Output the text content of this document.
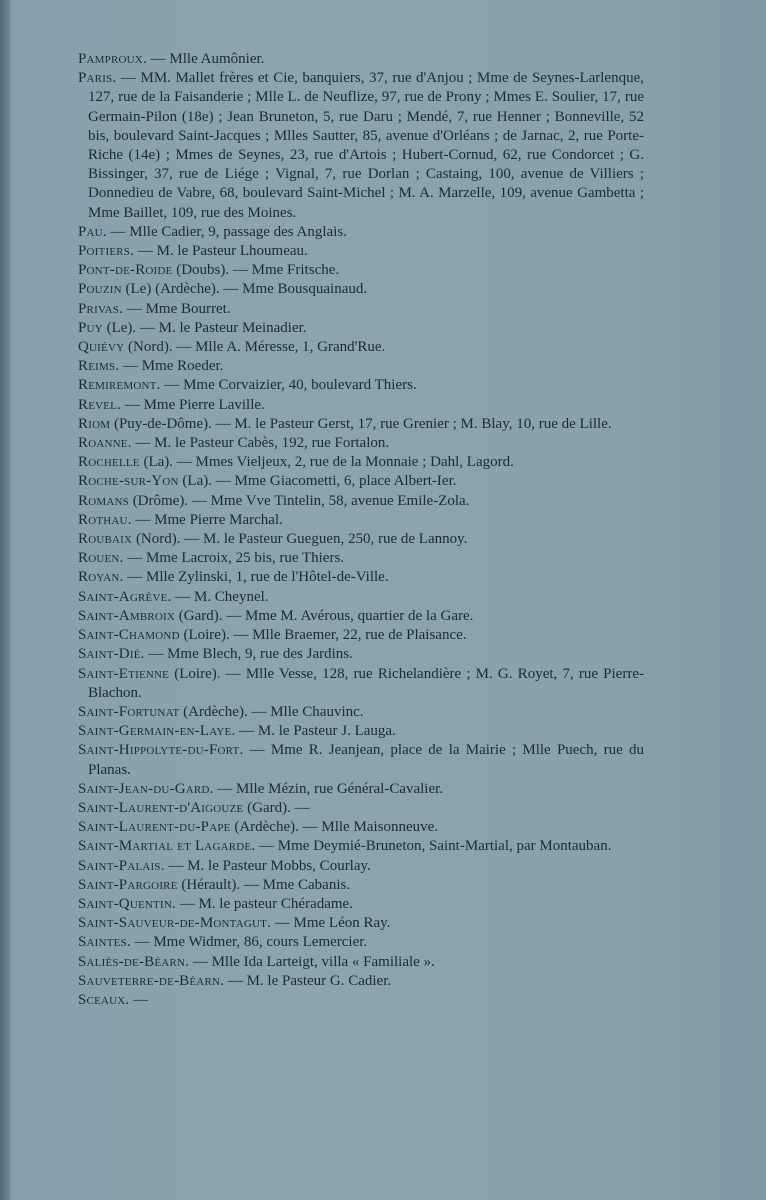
Pamproux. — Mlle Aumônier.

Paris. — MM. Mallet frères et Cie, banquiers, 37, rue d'Anjou ; Mme de Seynes-Larlenque, 127, rue de la Faisanderie ; Mlle L. de Neuflize, 97, rue de Prony ; Mmes E. Soulier, 17, rue Germain-Pilon (18e) ; Jean Bruneton, 5, rue Daru ; Mendé, 7, rue Henner ; Bonneville, 52 bis, boulevard Saint-Jacques ; Mlles Sautter, 85, avenue d'Orléans ; de Jarnac, 2, rue Porte-Riche (14e) ; Mmes de Seynes, 23, rue d'Artois ; Hubert-Cornud, 62, rue Condorcet ; G. Bissinger, 37, rue de Liége ; Vignal, 7, rue Dorlan ; Castaing, 100, avenue de Villiers ; Donnedieu de Vabre, 68, boulevard Saint-Michel ; M. A. Marzelle, 109, avenue Gambetta ; Mme Baillet, 109, rue des Moines.

Pau. — Mlle Cadier, 9, passage des Anglais.

Poitiers. — M. le Pasteur Lhoumeau.

Pont-de-Roide (Doubs). — Mme Fritsche.

Pouzin (Le) (Ardèche). — Mme Bousquainaud.

Privas. — Mme Bourret.

Puy (Le). — M. le Pasteur Meinadier.

Quiévy (Nord). — Mlle A. Méresse, 1, Grand'Rue.

Reims. — Mme Roeder.

Remiremont. — Mme Corvaizier, 40, boulevard Thiers.

Revel. — Mme Pierre Laville.

Riom (Puy-de-Dôme). — M. le Pasteur Gerst, 17, rue Grenier ; M. Blay, 10, rue de Lille.

Roanne. — M. le Pasteur Cabès, 192, rue Fortalon.

Rochelle (La). — Mmes Vieljeux, 2, rue de la Monnaie ; Dahl, Lagord.

Roche-sur-Yon (La). — Mme Giacometti, 6, place Albert-Ier.

Romans (Drôme). — Mme Vve Tintelin, 58, avenue Emile-Zola.

Rothau. — Mme Pierre Marchal.

Roubaix (Nord). — M. le Pasteur Gueguen, 250, rue de Lannoy.

Rouen. — Mme Lacroix, 25 bis, rue Thiers.

Royan. — Mlle Zylinski, 1, rue de l'Hôtel-de-Ville.

Saint-Agrève. — M. Cheynel.

Saint-Ambroix (Gard). — Mme M. Avérous, quartier de la Gare.

Saint-Chamond (Loire). — Mlle Braemer, 22, rue de Plaisance.

Saint-Dié. — Mme Blech, 9, rue des Jardins.

Saint-Etienne (Loire). — Mlle Vesse, 128, rue Richelandière ; M. G. Royet, 7, rue Pierre-Blachon.

Saint-Fortunat (Ardèche). — Mlle Chauvinc.

Saint-Germain-en-Laye. — M. le Pasteur J. Lauga.

Saint-Hippolyte-du-Fort. — Mme R. Jeanjean, place de la Mairie ; Mlle Puech, rue du Planas.

Saint-Jean-du-Gard. — Mlle Mézin, rue Général-Cavalier.

Saint-Laurent-d'Aigouze (Gard). —

Saint-Laurent-du-Pape (Ardèche). — Mlle Maisonneuve.

Saint-Martial et Lagarde. — Mme Deymié-Bruneton, Saint-Martial, par Montauban.

Saint-Palais. — M. le Pasteur Mobbs, Courlay.

Saint-Pargoire (Hérault). — Mme Cabanis.

Saint-Quentin. — M. le pasteur Chéradame.

Saint-Sauveur-de-Montagut. — Mme Léon Ray.

Saintes. — Mme Widmer, 86, cours Lemercier.

Saliès-de-Béarn. — Mlle Ida Larteigt, villa « Familiale ».

Sauveterre-de-Béarn. — M. le Pasteur G. Cadier.

Sceaux. —
